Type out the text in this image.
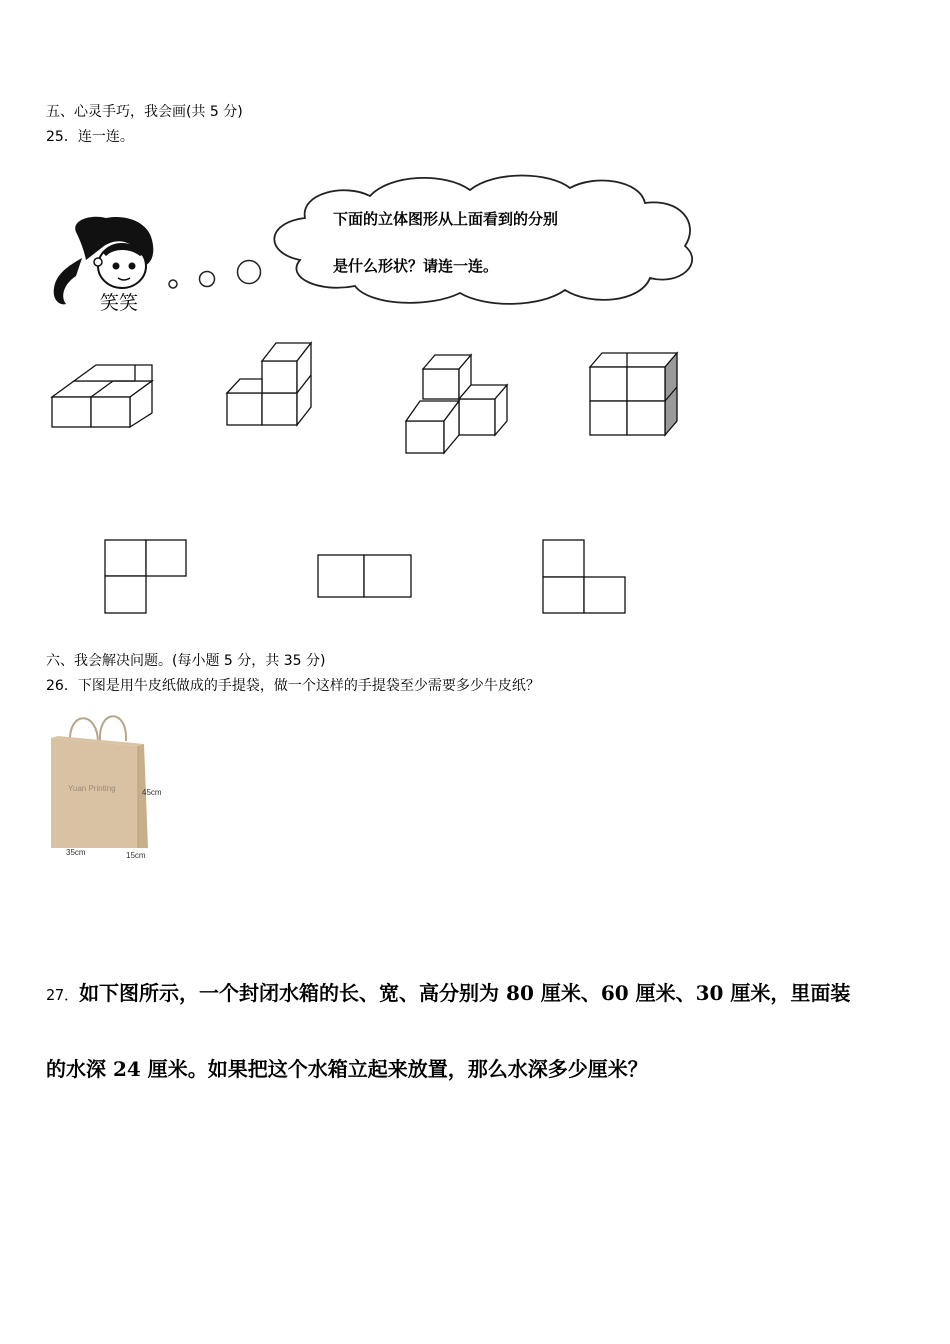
五、心灵手巧，我会画(共 5 分)
25．连一连。
笑笑
下面的立体图形从上面看到的分别
是什么形状？请连一连。
六、我会解决问题。(每小题 5 分，共 35 分)
26．下图是用牛皮纸做成的手提袋，做一个这样的手提袋至少需要多少牛皮纸？
Yuan Printing	45cm
35cm	15cm
27．如下图所示，一个封闭水箱的长、宽、高分别为 80 厘米、60 厘米、30 厘米，里面装
的水深 24 厘米。如果把这个水箱立起来放置，那么水深多少厘米？
